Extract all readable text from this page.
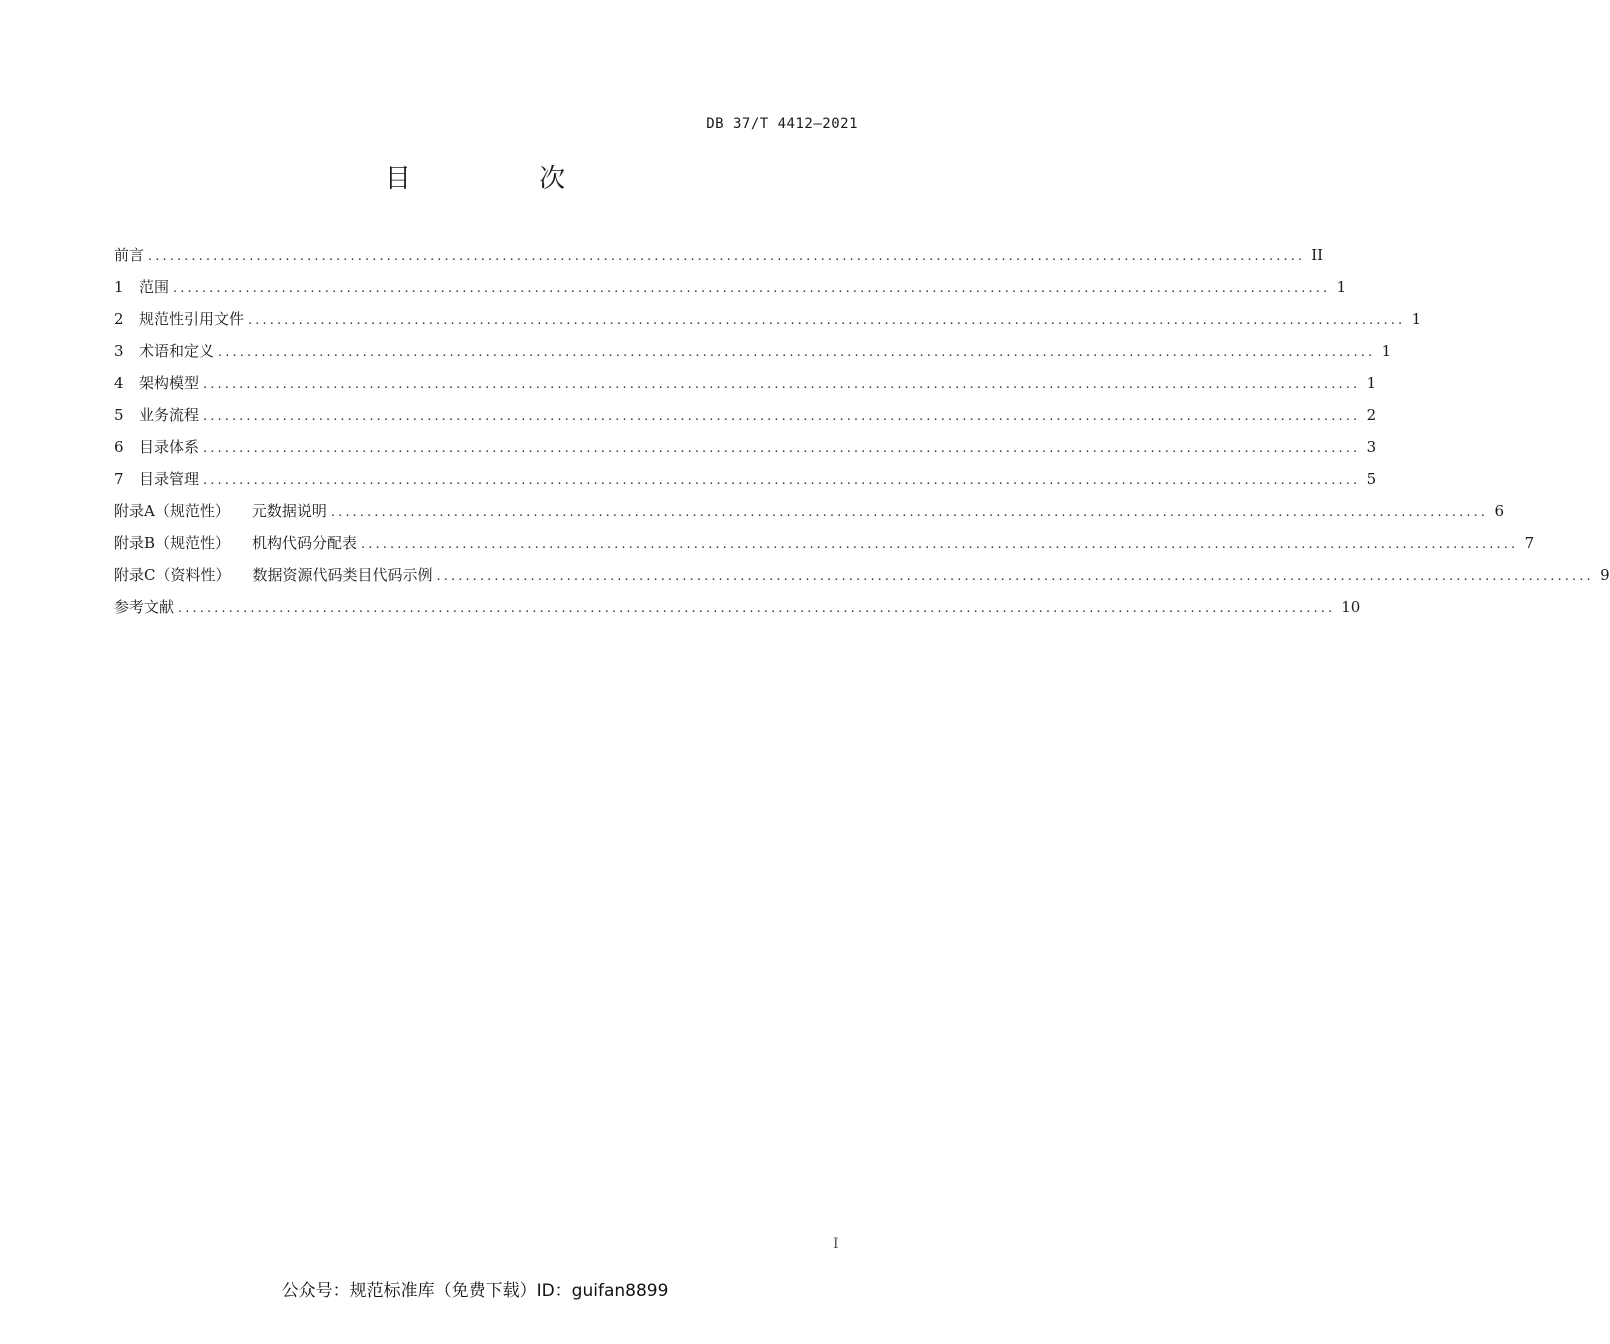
DB 37/T 4412—2021
目 次
前言 ................................................................................................................................................................ II
1 范围 ................................................................................................................................................................ 1
2 规范性引用文件 ................................................................................................................................................................ 1
3 术语和定义 ................................................................................................................................................................ 1
4 架构模型 ................................................................................................................................................................ 1
5 业务流程 ................................................................................................................................................................ 2
6 目录体系 ................................................................................................................................................................ 3
7 目录管理 ................................................................................................................................................................ 5
附录A（规范性） 元数据说明 ................................................................................................................................................................ 6
附录B（规范性） 机构代码分配表 ................................................................................................................................................................ 7
附录C（资料性） 数据资源代码类目代码示例 ................................................................................................................................................................ 9
参考文献 ................................................................................................................................................................ 10
I
公众号：规范标准库（免费下载）ID：guifan8899
